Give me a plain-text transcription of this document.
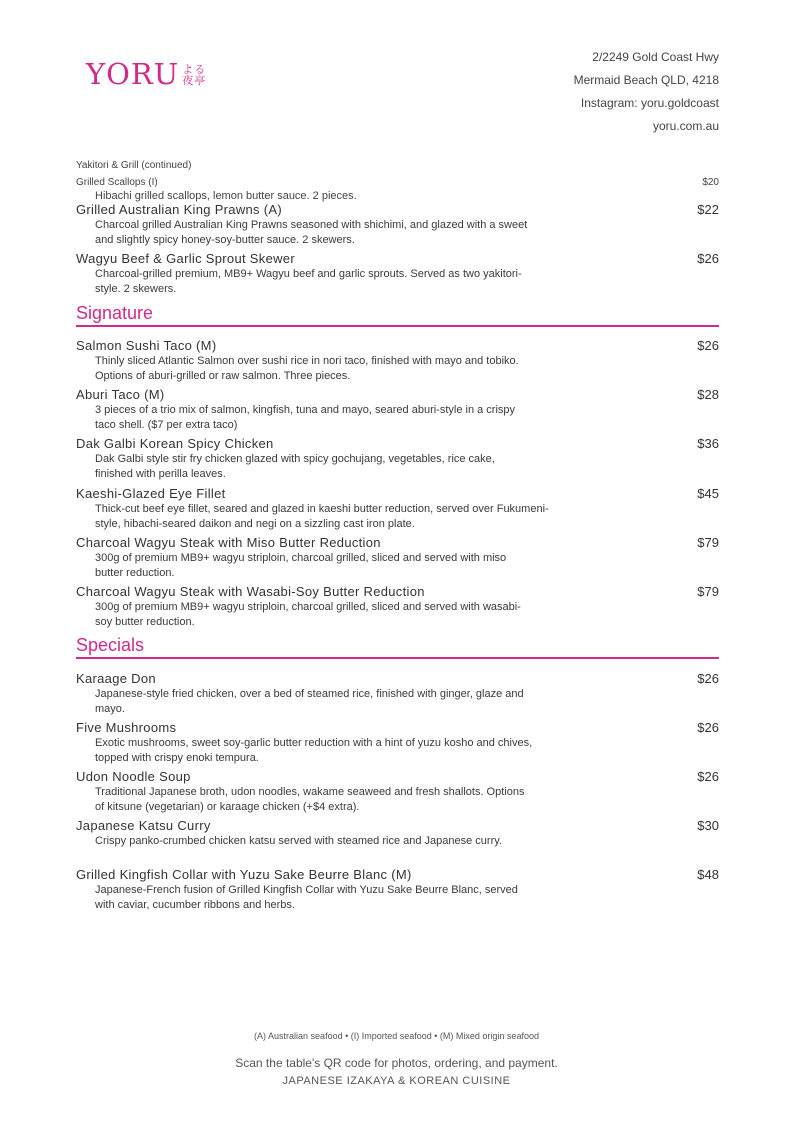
YORU よる
夜亭
2/2249 Gold Coast Hwy
Mermaid Beach QLD, 4218
Instagram: yoru.goldcoast
yoru.com.au
Yakitori & Grill (continued)
Grilled Scallops (I)	$20
Hibachi grilled scallops, lemon butter sauce. 2 pieces.
Grilled Australian King Prawns (A)	$22
Charcoal grilled Australian King Prawns seasoned with shichimi, and glazed with a sweet and slightly spicy honey-soy-butter sauce. 2 skewers.
Wagyu Beef & Garlic Sprout Skewer	$26
Charcoal-grilled premium, MB9+ Wagyu beef and garlic sprouts. Served as two yakitori-style. 2 skewers.
Signature
Salmon Sushi Taco (M)	$26
Thinly sliced Atlantic Salmon over sushi rice in nori taco, finished with mayo and tobiko. Options of aburi-grilled or raw salmon. Three pieces.
Aburi Taco (M)	$28
3 pieces of a trio mix of salmon, kingfish, tuna and mayo, seared aburi-style in a crispy taco shell. ($7 per extra taco)
Dak Galbi Korean Spicy Chicken	$36
Dak Galbi style stir fry chicken glazed with spicy gochujang, vegetables, rice cake, finished with perilla leaves.
Kaeshi-Glazed Eye Fillet	$45
Thick-cut beef eye fillet, seared and glazed in kaeshi butter reduction, served over Fukumeni-style, hibachi-seared daikon and negi on a sizzling cast iron plate.
Charcoal Wagyu Steak with Miso Butter Reduction	$79
300g of premium MB9+ wagyu striploin, charcoal grilled, sliced and served with miso butter reduction.
Charcoal Wagyu Steak with Wasabi-Soy Butter Reduction	$79
300g of premium MB9+ wagyu striploin, charcoal grilled, sliced and served with wasabi-soy butter reduction.
Specials
Karaage Don	$26
Japanese-style fried chicken, over a bed of steamed rice, finished with ginger, glaze and mayo.
Five Mushrooms	$26
Exotic mushrooms, sweet soy-garlic butter reduction with a hint of yuzu kosho and chives, topped with crispy enoki tempura.
Udon Noodle Soup	$26
Traditional Japanese broth, udon noodles, wakame seaweed and fresh shallots. Options of kitsune (vegetarian) or karaage chicken (+$4 extra).
Japanese Katsu Curry	$30
Crispy panko-crumbed chicken katsu served with steamed rice and Japanese curry.
Grilled Kingfish Collar with Yuzu Sake Beurre Blanc (M)	$48
Japanese-French fusion of Grilled Kingfish Collar with Yuzu Sake Beurre Blanc, served with caviar, cucumber ribbons and herbs.
(A) Australian seafood • (I) Imported seafood • (M) Mixed origin seafood
Scan the table's QR code for photos, ordering, and payment.
JAPANESE IZAKAYA & KOREAN CUISINE
